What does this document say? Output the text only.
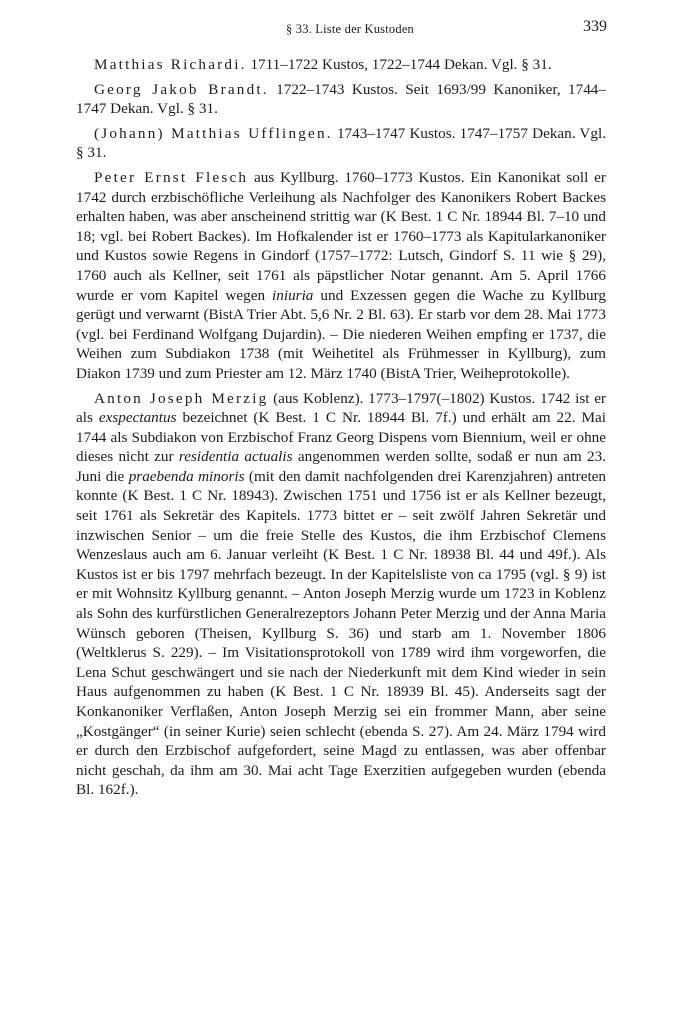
§ 33. Liste der Kustoden	339

Matthias Richardi. 1711–1722 Kustos, 1722–1744 Dekan. Vgl. § 31.

Georg Jakob Brandt. 1722–1743 Kustos. Seit 1693/99 Kanoniker, 1744–1747 Dekan. Vgl. § 31.

(Johann) Matthias Ufflingen. 1743–1747 Kustos. 1747–1757 Dekan. Vgl. § 31.

Peter Ernst Flesch aus Kyllburg. 1760–1773 Kustos. Ein Kanonikat soll er 1742 durch erzbischöfliche Verleihung als Nachfolger des Kanonikers Robert Backes erhalten haben, was aber anscheinend strittig war (K Best. 1 C Nr. 18944 Bl. 7–10 und 18; vgl. bei Robert Backes). Im Hofkalender ist er 1760–1773 als Kapitularkanoniker und Kustos sowie Regens in Gindorf (1757–1772: Lutsch, Gindorf S. 11 wie § 29), 1760 auch als Kellner, seit 1761 als päpstlicher Notar genannt. Am 5. April 1766 wurde er vom Kapitel wegen iniuria und Exzessen gegen die Wache zu Kyllburg gerügt und verwarnt (BistA Trier Abt. 5,6 Nr. 2 Bl. 63). Er starb vor dem 28. Mai 1773 (vgl. bei Ferdinand Wolfgang Dujardin). – Die niederen Weihen empfing er 1737, die Weihen zum Subdiakon 1738 (mit Weihetitel als Frühmesser in Kyllburg), zum Diakon 1739 und zum Priester am 12. März 1740 (BistA Trier, Weiheprotokolle).

Anton Joseph Merzig (aus Koblenz). 1773–1797(–1802) Kustos. 1742 ist er als exspectantus bezeichnet (K Best. 1 C Nr. 18944 Bl. 7f.) und erhält am 22. Mai 1744 als Subdiakon von Erzbischof Franz Georg Dispens vom Biennium, weil er ohne dieses nicht zur residentia actualis angenommen werden sollte, sodaß er nun am 23. Juni die praebenda minoris (mit den damit nachfolgenden drei Karenzjahren) antreten konnte (K Best. 1 C Nr. 18943). Zwischen 1751 und 1756 ist er als Kellner bezeugt, seit 1761 als Sekretär des Kapitels. 1773 bittet er – seit zwölf Jahren Sekretär und inzwischen Senior – um die freie Stelle des Kustos, die ihm Erzbischof Clemens Wenzeslaus auch am 6. Januar verleiht (K Best. 1 C Nr. 18938 Bl. 44 und 49f.). Als Kustos ist er bis 1797 mehrfach bezeugt. In der Kapitelsliste von ca 1795 (vgl. § 9) ist er mit Wohnsitz Kyllburg genannt. – Anton Joseph Merzig wurde um 1723 in Koblenz als Sohn des kurfürstlichen Generalrezeptors Johann Peter Merzig und der Anna Maria Wünsch geboren (Theisen, Kyllburg S. 36) und starb am 1. November 1806 (Weltklerus S. 229). – Im Visitationsprotokoll von 1789 wird ihm vorgeworfen, die Lena Schut geschwängert und sie nach der Niederkunft mit dem Kind wieder in sein Haus aufgenommen zu haben (K Best. 1 C Nr. 18939 Bl. 45). Anderseits sagt der Konkanoniker Verflaßen, Anton Joseph Merzig sei ein frommer Mann, aber seine „Kostgänger“ (in seiner Kurie) seien schlecht (ebenda S. 27). Am 24. März 1794 wird er durch den Erzbischof aufgefordert, seine Magd zu entlassen, was aber offenbar nicht geschah, da ihm am 30. Mai acht Tage Exerzitien aufgegeben wurden (ebenda Bl. 162f.).
